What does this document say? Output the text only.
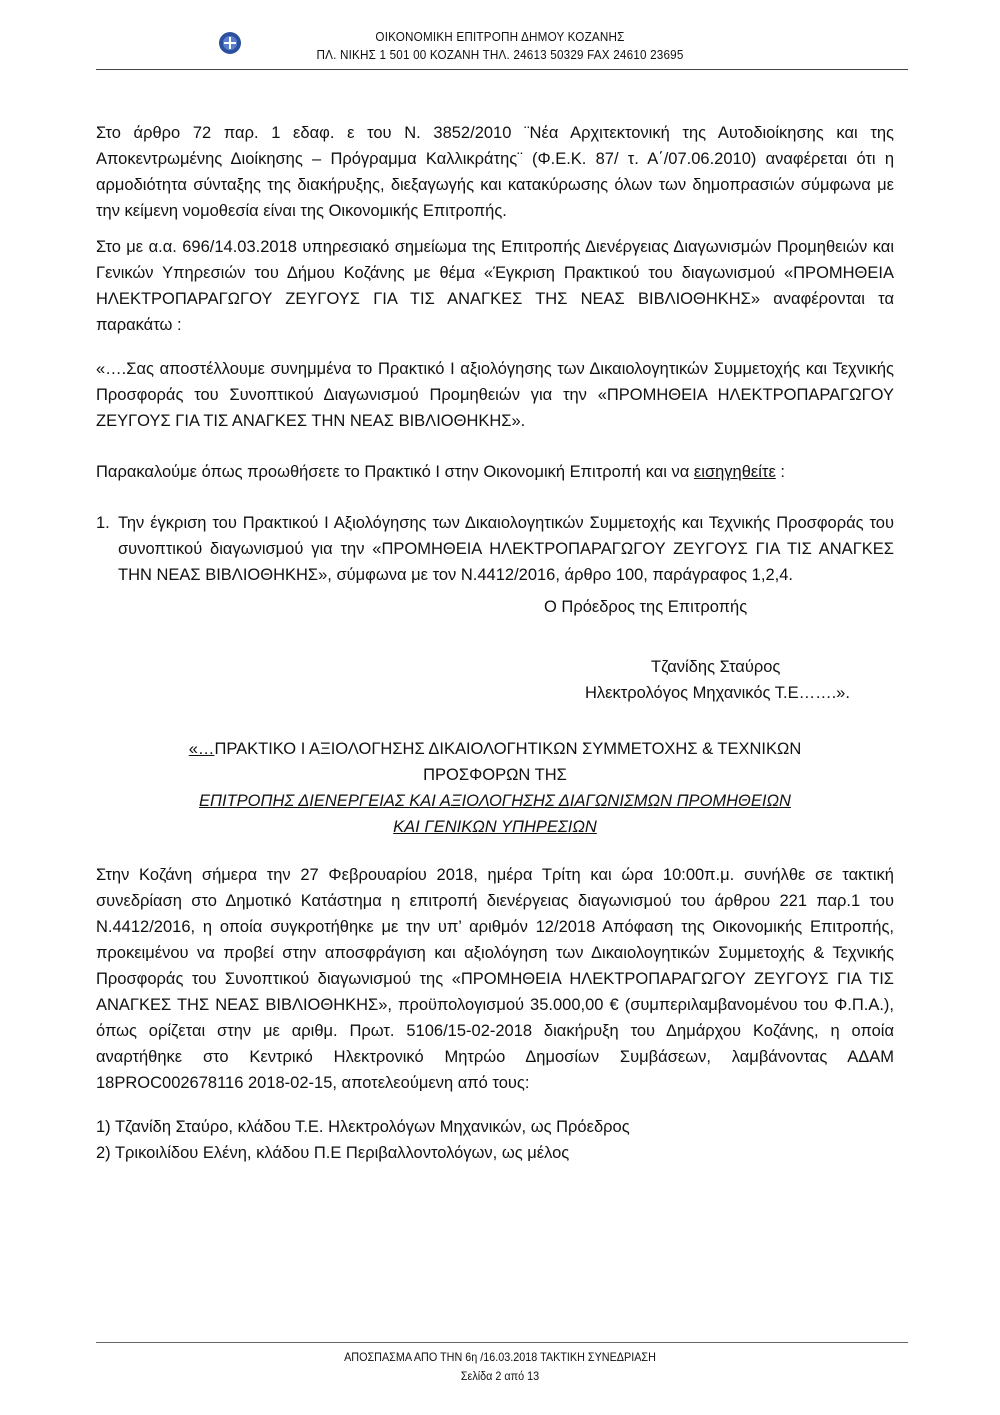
ΟΙΚΟΝΟΜΙΚΗ ΕΠΙΤΡΟΠΗ ΔΗΜΟΥ ΚΟΖΑΝΗΣ
ΠΛ. ΝΙΚΗΣ 1 501 00 ΚΟΖΑΝΗ ΤΗΛ. 24613 50329 FAX 24610 23695

Στο άρθρο 72 παρ. 1 εδαφ. ε του Ν. 3852/2010 ¨Νέα Αρχιτεκτονική της Αυτοδιοίκησης και της Αποκεντρωμένης Διοίκησης – Πρόγραμμα Καλλικράτης¨ (Φ.Ε.Κ. 87/ τ. Α΄/07.06.2010) αναφέρεται ότι η αρμοδιότητα σύνταξης της διακήρυξης, διεξαγωγής και κατακύρωσης όλων των δημοπρασιών σύμφωνα με την κείμενη νομοθεσία είναι της Οικονομικής Επιτροπής.

Στο με α.α. 696/14.03.2018 υπηρεσιακό σημείωμα της Επιτροπής Διενέργειας Διαγωνισμών Προμηθειών και Γενικών Υπηρεσιών του Δήμου Κοζάνης με θέμα «Έγκριση Πρακτικού του διαγωνισμού «ΠΡΟΜΗΘΕΙΑ ΗΛΕΚΤΡΟΠΑΡΑΓΩΓΟΥ ΖΕΥΓΟΥΣ ΓΙΑ ΤΙΣ ΑΝΑΓΚΕΣ ΤΗΣ ΝΕΑΣ ΒΙΒΛΙΟΘΗΚΗΣ» αναφέρονται τα παρακάτω :

«….Σας αποστέλλουμε συνημμένα το Πρακτικό Ι αξιολόγησης των Δικαιολογητικών Συμμετοχής και Τεχνικής Προσφοράς του Συνοπτικού Διαγωνισμού Προμηθειών για την «ΠΡΟΜΗΘΕΙΑ ΗΛΕΚΤΡΟΠΑΡΑΓΩΓΟΥ ΖΕΥΓΟΥΣ ΓΙΑ ΤΙΣ ΑΝΑΓΚΕΣ ΤΗΝ ΝΕΑΣ ΒΙΒΛΙΟΘΗΚΗΣ».

Παρακαλούμε όπως προωθήσετε το Πρακτικό Ι στην Οικονομική Επιτροπή και να εισηγηθείτε :

1. Την έγκριση του Πρακτικού Ι Αξιολόγησης των Δικαιολογητικών Συμμετοχής και Τεχνικής Προσφοράς του συνοπτικού διαγωνισμού για την «ΠΡΟΜΗΘΕΙΑ ΗΛΕΚΤΡΟΠΑΡΑΓΩΓΟΥ ΖΕΥΓΟΥΣ ΓΙΑ ΤΙΣ ΑΝΑΓΚΕΣ ΤΗΝ ΝΕΑΣ ΒΙΒΛΙΟΘΗΚΗΣ», σύμφωνα με τον Ν.4412/2016, άρθρο 100, παράγραφος 1,2,4.

Ο Πρόεδρος της Επιτροπής
Τζανίδης Σταύρος
Ηλεκτρολόγος Μηχανικός Τ.Ε…….».
«…ΠΡΑΚΤΙΚΟ Ι ΑΞΙΟΛΟΓΗΣΗΣ ΔΙΚΑΙΟΛΟΓΗΤΙΚΩΝ ΣΥΜΜΕΤΟΧΗΣ & ΤΕΧΝΙΚΩΝ
ΠΡΟΣΦΟΡΩΝ ΤΗΣ
ΕΠΙΤΡΟΠΗΣ ΔΙΕΝΕΡΓΕΙΑΣ ΚΑΙ ΑΞΙΟΛΟΓΗΣΗΣ ΔΙΑΓΩΝΙΣΜΩΝ ΠΡΟΜΗΘΕΙΩΝ
ΚΑΙ ΓΕΝΙΚΩΝ ΥΠΗΡΕΣΙΩΝ

Στην Κοζάνη σήμερα την 27 Φεβρουαρίου 2018, ημέρα Τρίτη και ώρα 10:00π.μ. συνήλθε σε τακτική συνεδρίαση στο Δημοτικό Κατάστημα η επιτροπή διενέργειας διαγωνισμού του άρθρου 221 παρ.1 του Ν.4412/2016, η οποία συγκροτήθηκε με την υπ’ αριθμόν 12/2018 Απόφαση της Οικονομικής Επιτροπής, προκειμένου να προβεί στην αποσφράγιση και αξιολόγηση των Δικαιολογητικών Συμμετοχής & Τεχνικής Προσφοράς του Συνοπτικού διαγωνισμού της «ΠΡΟΜΗΘΕΙΑ ΗΛΕΚΤΡΟΠΑΡΑΓΩΓΟΥ ΖΕΥΓΟΥΣ ΓΙΑ ΤΙΣ ΑΝΑΓΚΕΣ ΤΗΣ ΝΕΑΣ ΒΙΒΛΙΟΘΗΚΗΣ», προϋπολογισμού 35.000,00 € (συμπεριλαμβανομένου του Φ.Π.Α.), όπως ορίζεται στην με αριθμ. Πρωτ. 5106/15-02-2018 διακήρυξη του Δημάρχου Κοζάνης, η οποία αναρτήθηκε στο Κεντρικό Ηλεκτρονικό Μητρώο Δημοσίων Συμβάσεων, λαμβάνοντας ΑΔΑΜ 18PROC002678116 2018-02-15, αποτελεούμενη από τους:

1) Τζανίδη Σταύρο, κλάδου Τ.Ε. Ηλεκτρολόγων Μηχανικών, ως Πρόεδρος
2) Τρικοιλίδου Ελένη, κλάδου Π.Ε Περιβαλλοντολόγων, ως μέλος
ΑΠΟΣΠΑΣΜΑ ΑΠΟ ΤΗΝ 6η /16.03.2018 ΤΑΚΤΙΚΗ ΣΥΝΕΔΡΙΑΣΗ
Σελίδα 2 από 13
